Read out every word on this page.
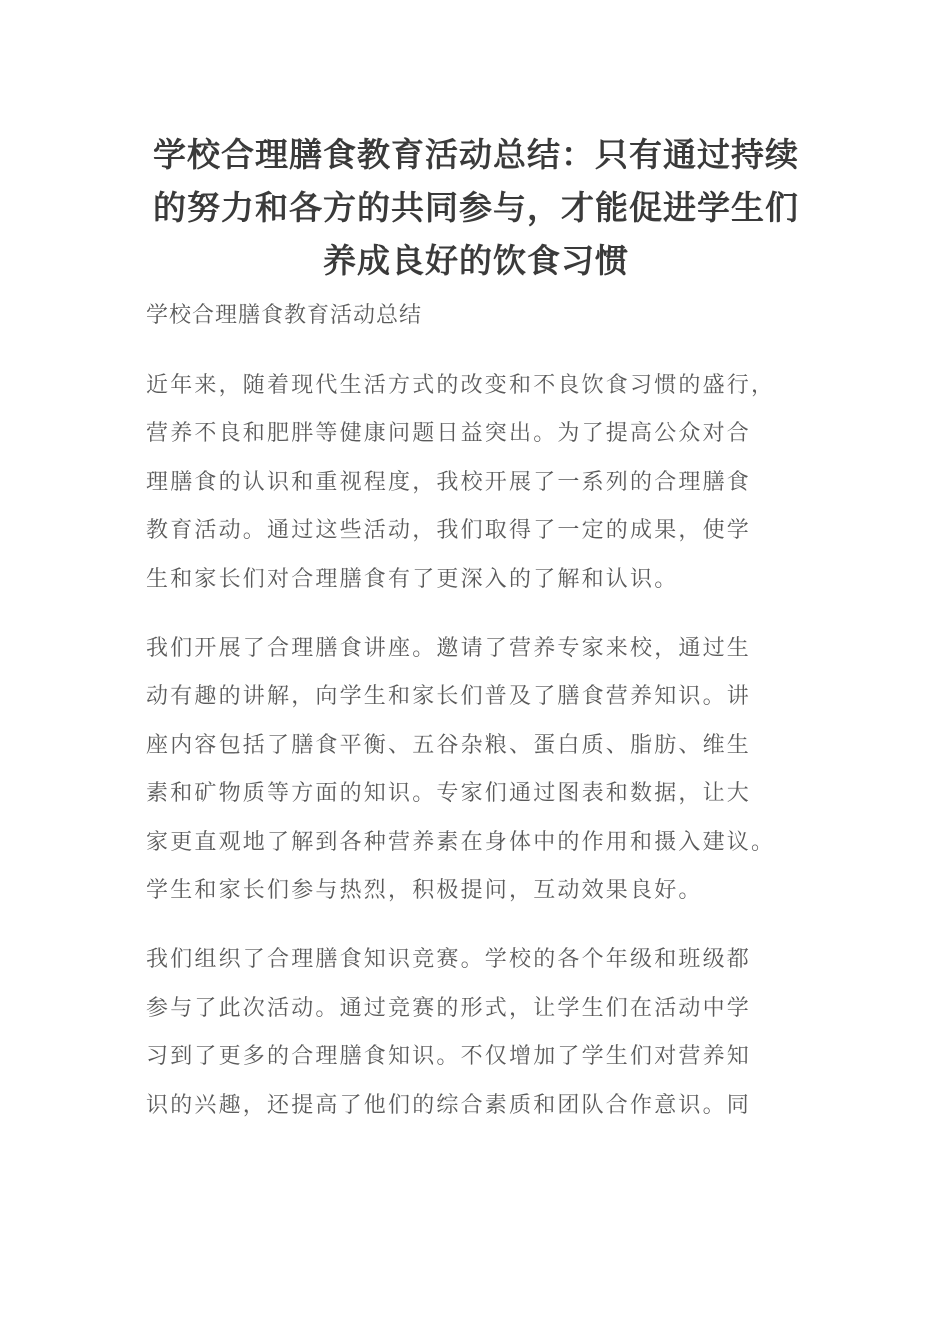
学校合理膳食教育活动总结：只有通过持续的努力和各方的共同参与，才能促进学生们养成良好的饮食习惯

学校合理膳食教育活动总结

近年来，随着现代生活方式的改变和不良饮食习惯的盛行，
营养不良和肥胖等健康问题日益突出。为了提高公众对合
理膳食的认识和重视程度，我校开展了一系列的合理膳食
教育活动。通过这些活动，我们取得了一定的成果，使学
生和家长们对合理膳食有了更深入的了解和认识。

我们开展了合理膳食讲座。邀请了营养专家来校，通过生
动有趣的讲解，向学生和家长们普及了膳食营养知识。讲
座内容包括了膳食平衡、五谷杂粮、蛋白质、脂肪、维生
素和矿物质等方面的知识。专家们通过图表和数据，让大
家更直观地了解到各种营养素在身体中的作用和摄入建议。
学生和家长们参与热烈，积极提问，互动效果良好。

我们组织了合理膳食知识竞赛。学校的各个年级和班级都
参与了此次活动。通过竞赛的形式，让学生们在活动中学
习到了更多的合理膳食知识。不仅增加了学生们对营养知
识的兴趣，还提高了他们的综合素质和团队合作意识。同
